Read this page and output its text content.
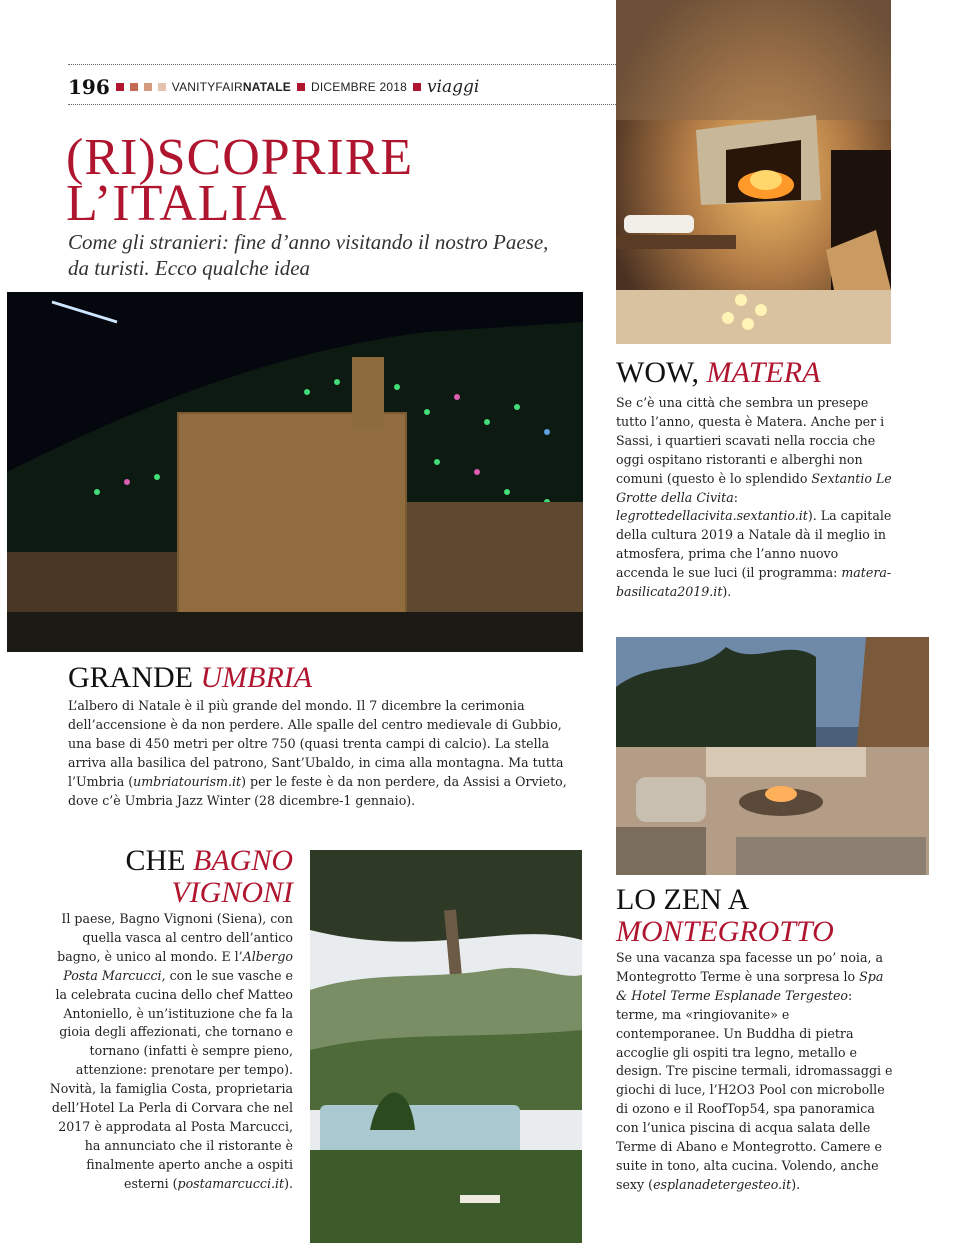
196	VANITYFAIRNATALE DICEMBRE 2018 viaggi
(RI)SCOPRIRE
L’ITALIA
Come gli stranieri: fine d’anno visitando il nostro Paese, da turisti. Ecco qualche idea
WOW, MATERA

Se c’è una città che sembra un presepe tutto l’anno, questa è Matera. Anche per i Sassi, i quartieri scavati nella roccia che oggi ospitano ristoranti e alberghi non comuni (questo è lo splendido Sextantio Le Grotte della Civita: legrottedellacivita.sextantio.it). La capitale della cultura 2019 a Natale dà il meglio in atmosfera, prima che l’anno nuovo accenda le sue luci (il programma: matera-basilicata2019.it).

GRANDE UMBRIA

L’albero di Natale è il più grande del mondo. Il 7 dicembre la cerimonia dell’accensione è da non perdere. Alle spalle del centro medievale di Gubbio, una base di 450 metri per oltre 750 (quasi trenta campi di calcio). La stella arriva alla basilica del patrono, Sant’Ubaldo, in cima alla montagna. Ma tutta l’Umbria (umbriatourism.it) per le feste è da non perdere, da Assisi a Orvieto, dove c’è Umbria Jazz Winter (28 dicembre-1 gennaio).

CHE BAGNO
VIGNONI

Il paese, Bagno Vignoni (Siena), con quella vasca al centro dell’antico bagno, è unico al mondo. E l’Albergo Posta Marcucci, con le sue vasche e la celebrata cucina dello chef Matteo Antoniello, è un’istituzione che fa la gioia degli affezionati, che tornano e tornano (infatti è sempre pieno, attenzione: prenotare per tempo). Novità, la famiglia Costa, proprietaria dell’Hotel La Perla di Corvara che nel 2017 è approdata al Posta Marcucci, ha annunciato che il ristorante è finalmente aperto anche a ospiti esterni (postamarcucci.it).

LO ZEN A
MONTEGROTTO

Se una vacanza spa facesse un po’ noia, a Montegrotto Terme è una sorpresa lo Spa & Hotel Terme Esplanade Tergesteo: terme, ma «ringiovanite» e contemporanee. Un Buddha di pietra accoglie gli ospiti tra legno, metallo e design. Tre piscine termali, idromassaggi e giochi di luce, l’H2O3 Pool con microbolle di ozono e il RoofTop54, spa panoramica con l’unica piscina di acqua salata delle Terme di Abano e Montegrotto. Camere e suite in tono, alta cucina. Volendo, anche sexy (esplanadetergesteo.it).
